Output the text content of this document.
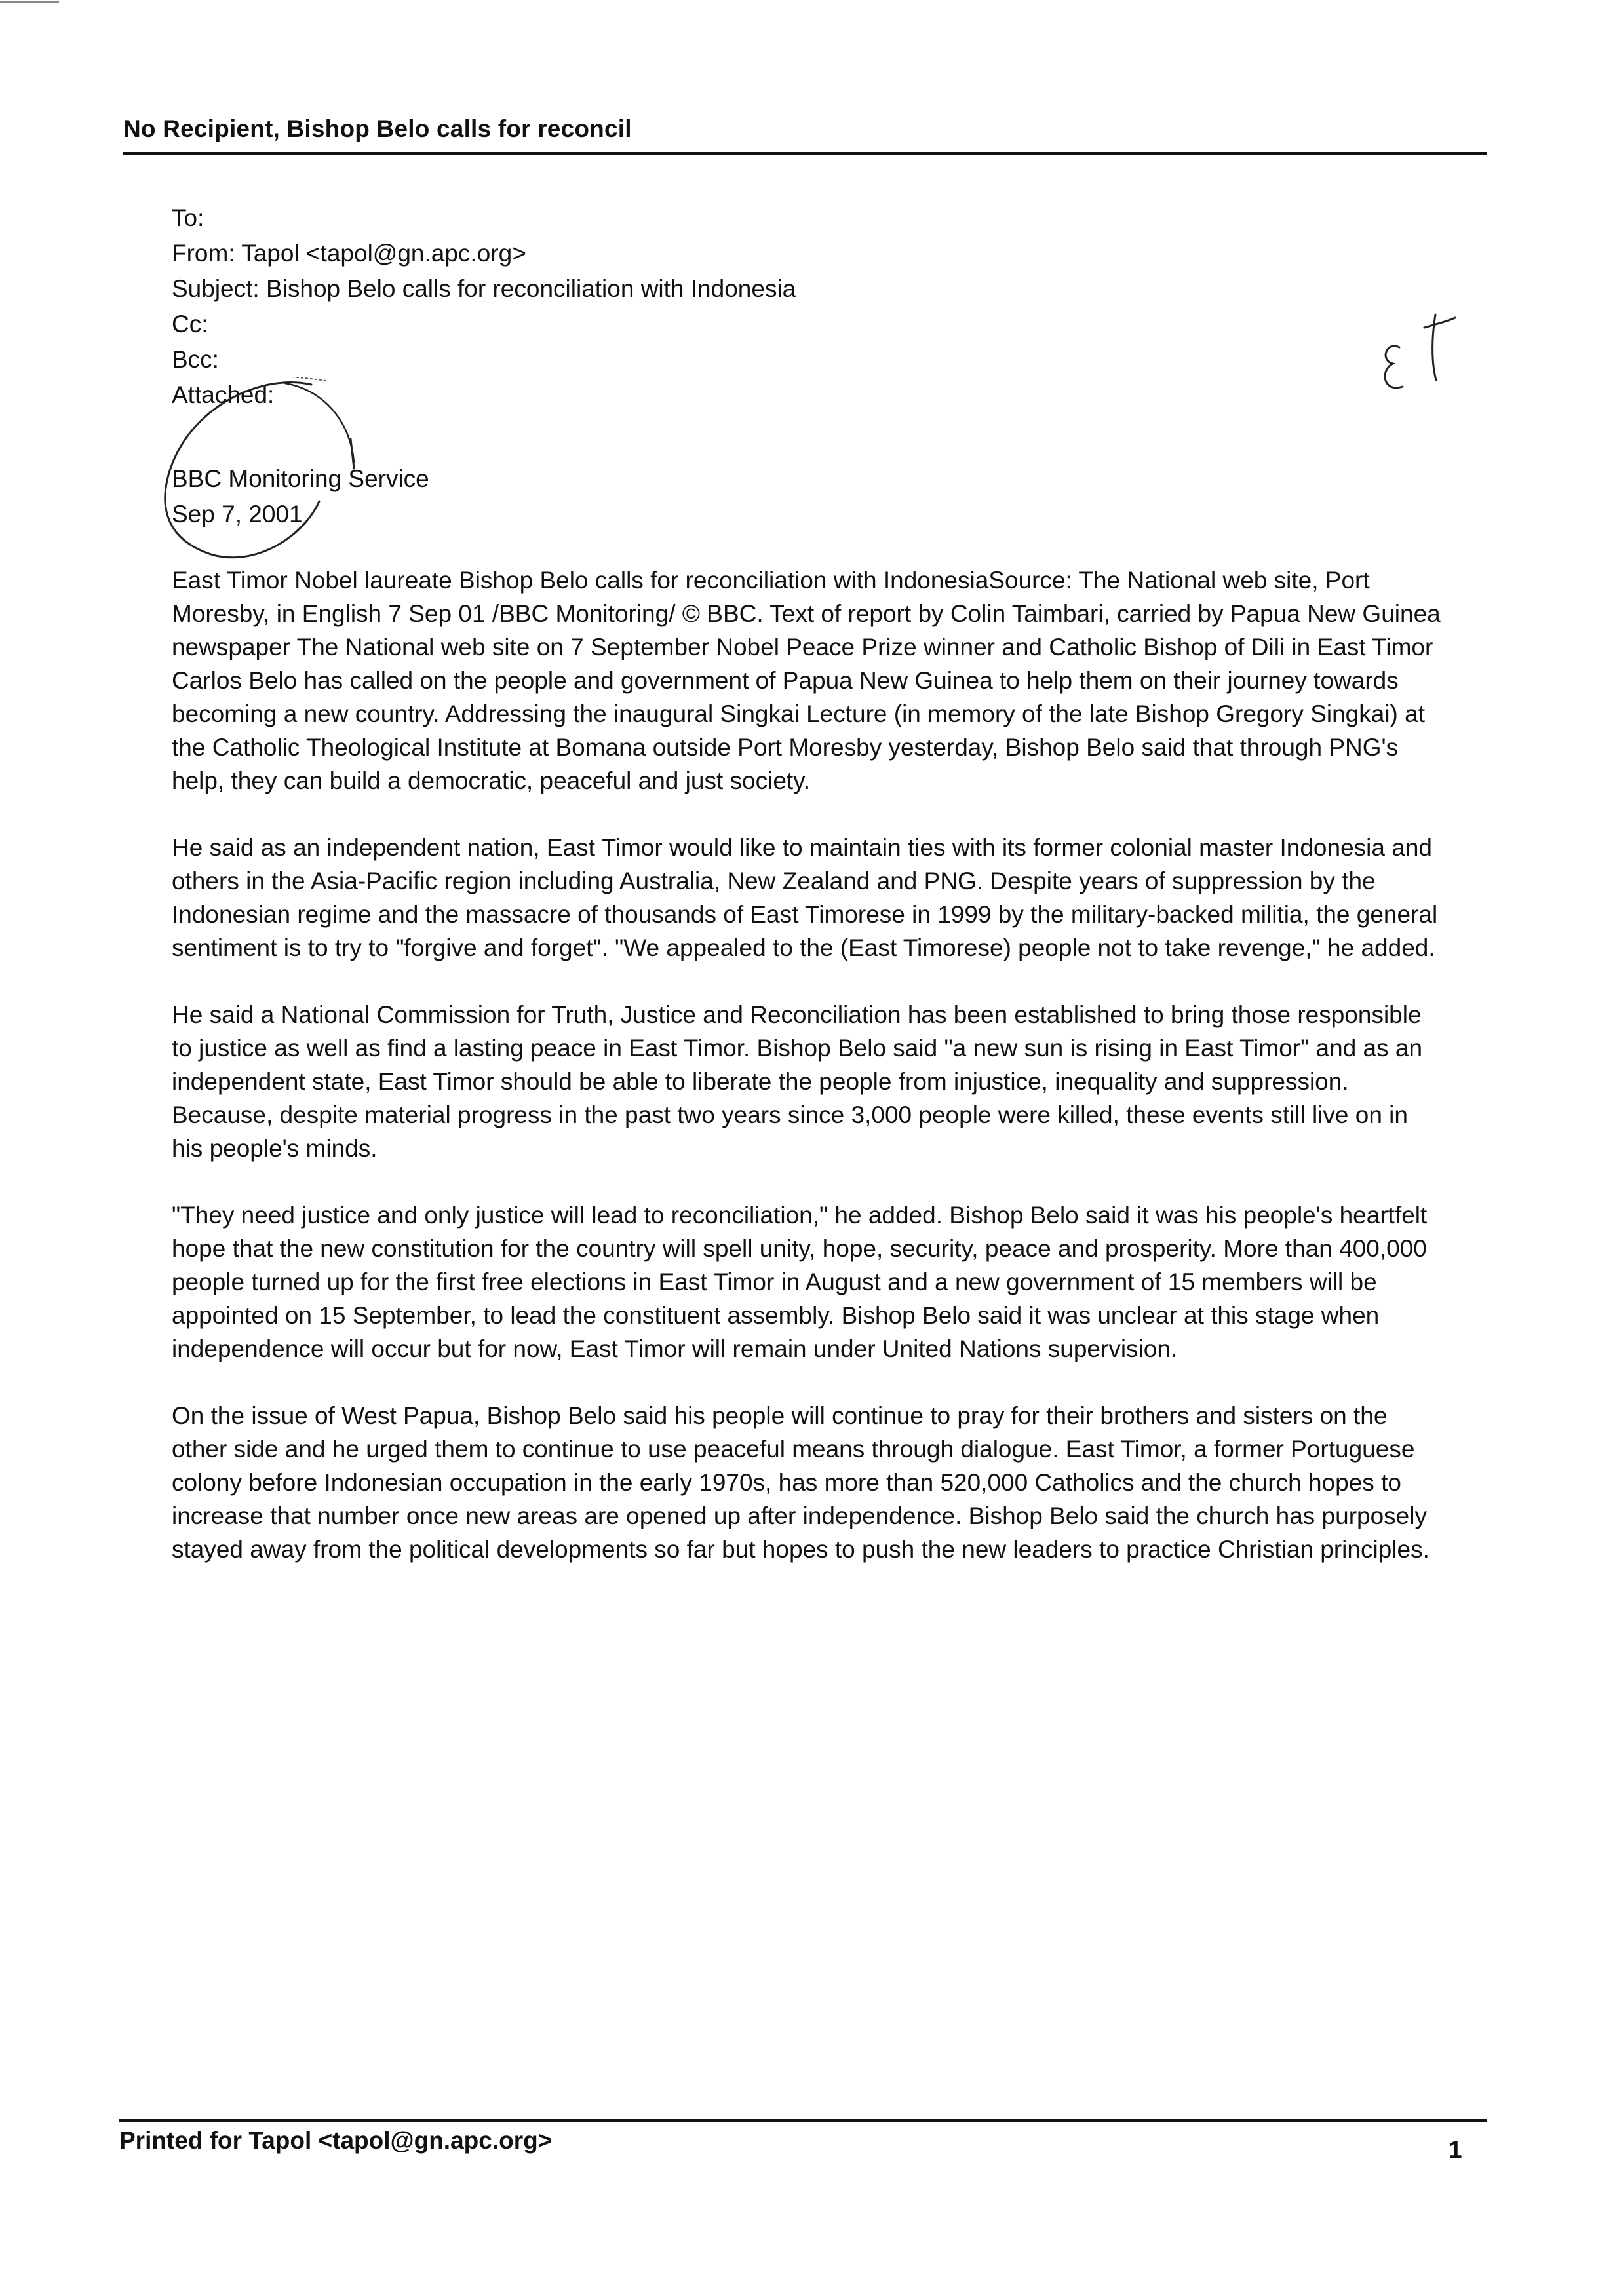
No Recipient, Bishop Belo calls for reconcil
To:
From: Tapol <tapol@gn.apc.org>
Subject: Bishop Belo calls for reconciliation with Indonesia
Cc:
Bcc:
Attached:
BBC Monitoring Service
Sep 7, 2001

East Timor Nobel laureate Bishop Belo calls for reconciliation with IndonesiaSource: The National web site, Port Moresby, in English 7 Sep 01 /BBC Monitoring/ © BBC. Text of report by Colin Taimbari, carried by Papua New Guinea newspaper The National web site on 7 September Nobel Peace Prize winner and Catholic Bishop of Dili in East Timor Carlos Belo has called on the people and government of Papua New Guinea to help them on their journey towards becoming a new country. Addressing the inaugural Singkai Lecture (in memory of the late Bishop Gregory Singkai) at the Catholic Theological Institute at Bomana outside Port Moresby yesterday, Bishop Belo said that through PNG's help, they can build a democratic, peaceful and just society.

He said as an independent nation, East Timor would like to maintain ties with its former colonial master Indonesia and others in the Asia-Pacific region including Australia, New Zealand and PNG. Despite years of suppression by the Indonesian regime and the massacre of thousands of East Timorese in 1999 by the military-backed militia, the general sentiment is to try to "forgive and forget". "We appealed to the (East Timorese) people not to take revenge," he added.

He said a National Commission for Truth, Justice and Reconciliation has been established to bring those responsible to justice as well as find a lasting peace in East Timor. Bishop Belo said "a new sun is rising in East Timor" and as an independent state, East Timor should be able to liberate the people from injustice, inequality and suppression. Because, despite material progress in the past two years since 3,000 people were killed, these events still live on in his people's minds.

"They need justice and only justice will lead to reconciliation," he added. Bishop Belo said it was his people's heartfelt hope that the new constitution for the country will spell unity, hope, security, peace and prosperity. More than 400,000 people turned up for the first free elections in East Timor in August and a new government of 15 members will be appointed on 15 September, to lead the constituent assembly. Bishop Belo said it was unclear at this stage when independence will occur but for now, East Timor will remain under United Nations supervision.

On the issue of West Papua, Bishop Belo said his people will continue to pray for their brothers and sisters on the other side and he urged them to continue to use peaceful means through dialogue. East Timor, a former Portuguese colony before Indonesian occupation in the early 1970s, has more than 520,000 Catholics and the church hopes to increase that number once new areas are opened up after independence. Bishop Belo said the church has purposely stayed away from the political developments so far but hopes to push the new leaders to practice Christian principles.

Printed for Tapol <tapol@gn.apc.org>	1
